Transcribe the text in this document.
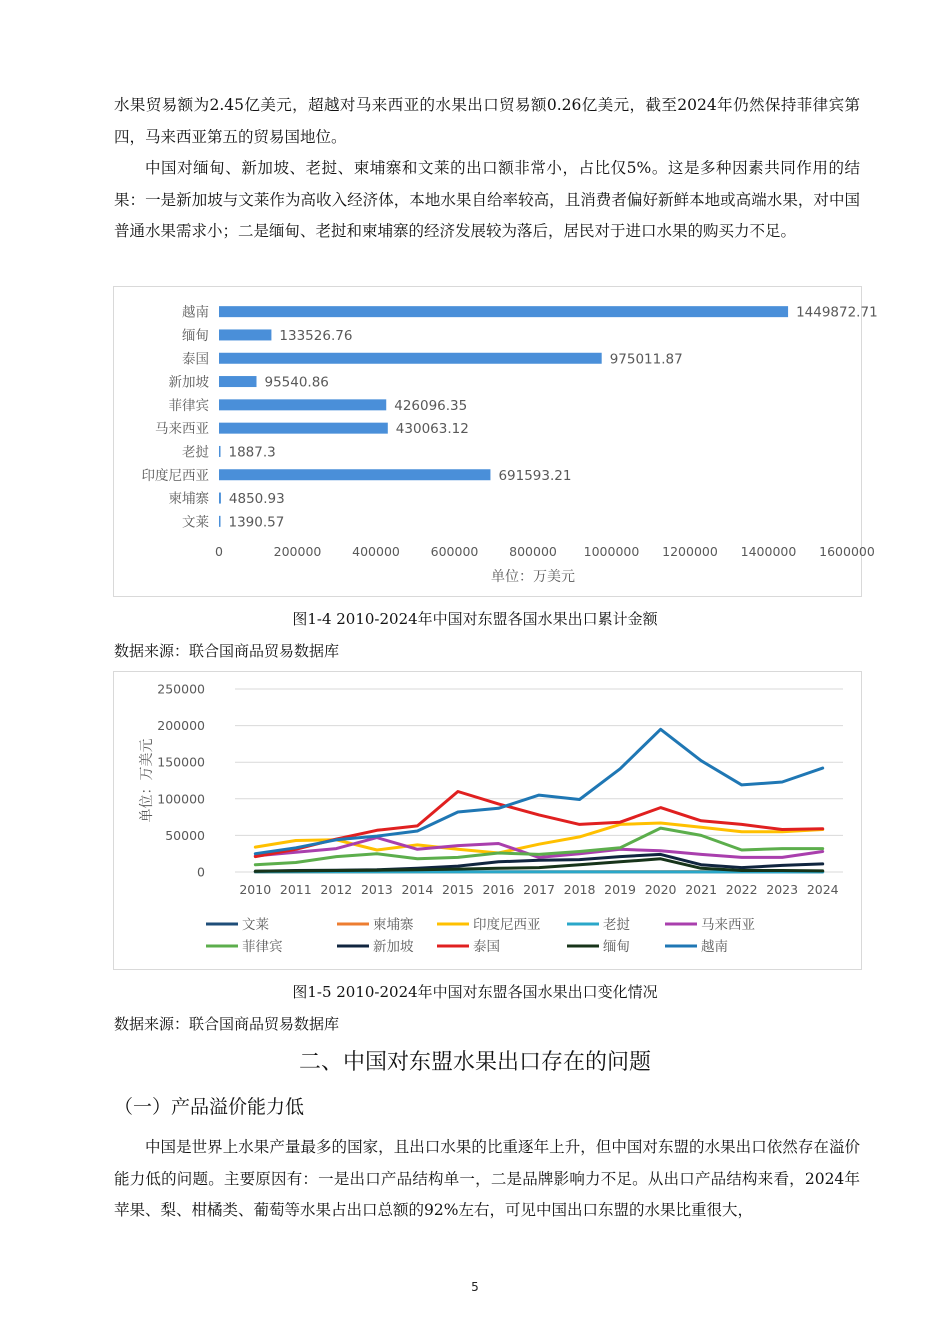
水果贸易额为2.45亿美元，超越对马来西亚的水果出口贸易额0.26亿美元，截至2024年仍然保持菲律宾第四，马来西亚第五的贸易国地位。

中国对缅甸、新加坡、老挝、柬埔寨和文莱的出口额非常小，占比仅5%。这是多种因素共同作用的结果：一是新加坡与文莱作为高收入经济体，本地水果自给率较高，且消费者偏好新鲜本地或高端水果，对中国普通水果需求小；二是缅甸、老挝和柬埔寨的经济发展较为落后，居民对于进口水果的购买力不足。

越南	1449872.71
缅甸	133526.76
泰国	975011.87
新加坡	95540.86
菲律宾	426096.35
马来西亚	430063.12
老挝 1887.3
印度尼西亚	691593.21
柬埔寨 4850.93
文莱 1390.57
0	200000 400000 600000 800000 1000000 1200000 1400000 1600000
单位：万美元
图1-4 2010-2024年中国对东盟各国水果出口累计金额
数据来源：联合国商品贸易数据库
0
50000
100000
150000
200000
250000
2010 2011 2012 2013 2014 2015 2016 2017 2018 2019 2020 2021 2022 2023 2024
单位：万美元
文莱	柬埔寨	印度尼西亚	老挝	马来西亚
菲律宾	新加坡	泰国	缅甸	越南
图1-5 2010-2024年中国对东盟各国水果出口变化情况
数据来源：联合国商品贸易数据库
二、中国对东盟水果出口存在的问题
（一）产品溢价能力低

中国是世界上水果产量最多的国家，且出口水果的比重逐年上升，但中国对东盟的水果出口依然存在溢价能力低的问题。主要原因有：一是出口产品结构单一，二是品牌影响力不足。从出口产品结构来看，2024年苹果、梨、柑橘类、葡萄等水果占出口总额的92%左右，可见中国出口东盟的水果比重很大，

5
